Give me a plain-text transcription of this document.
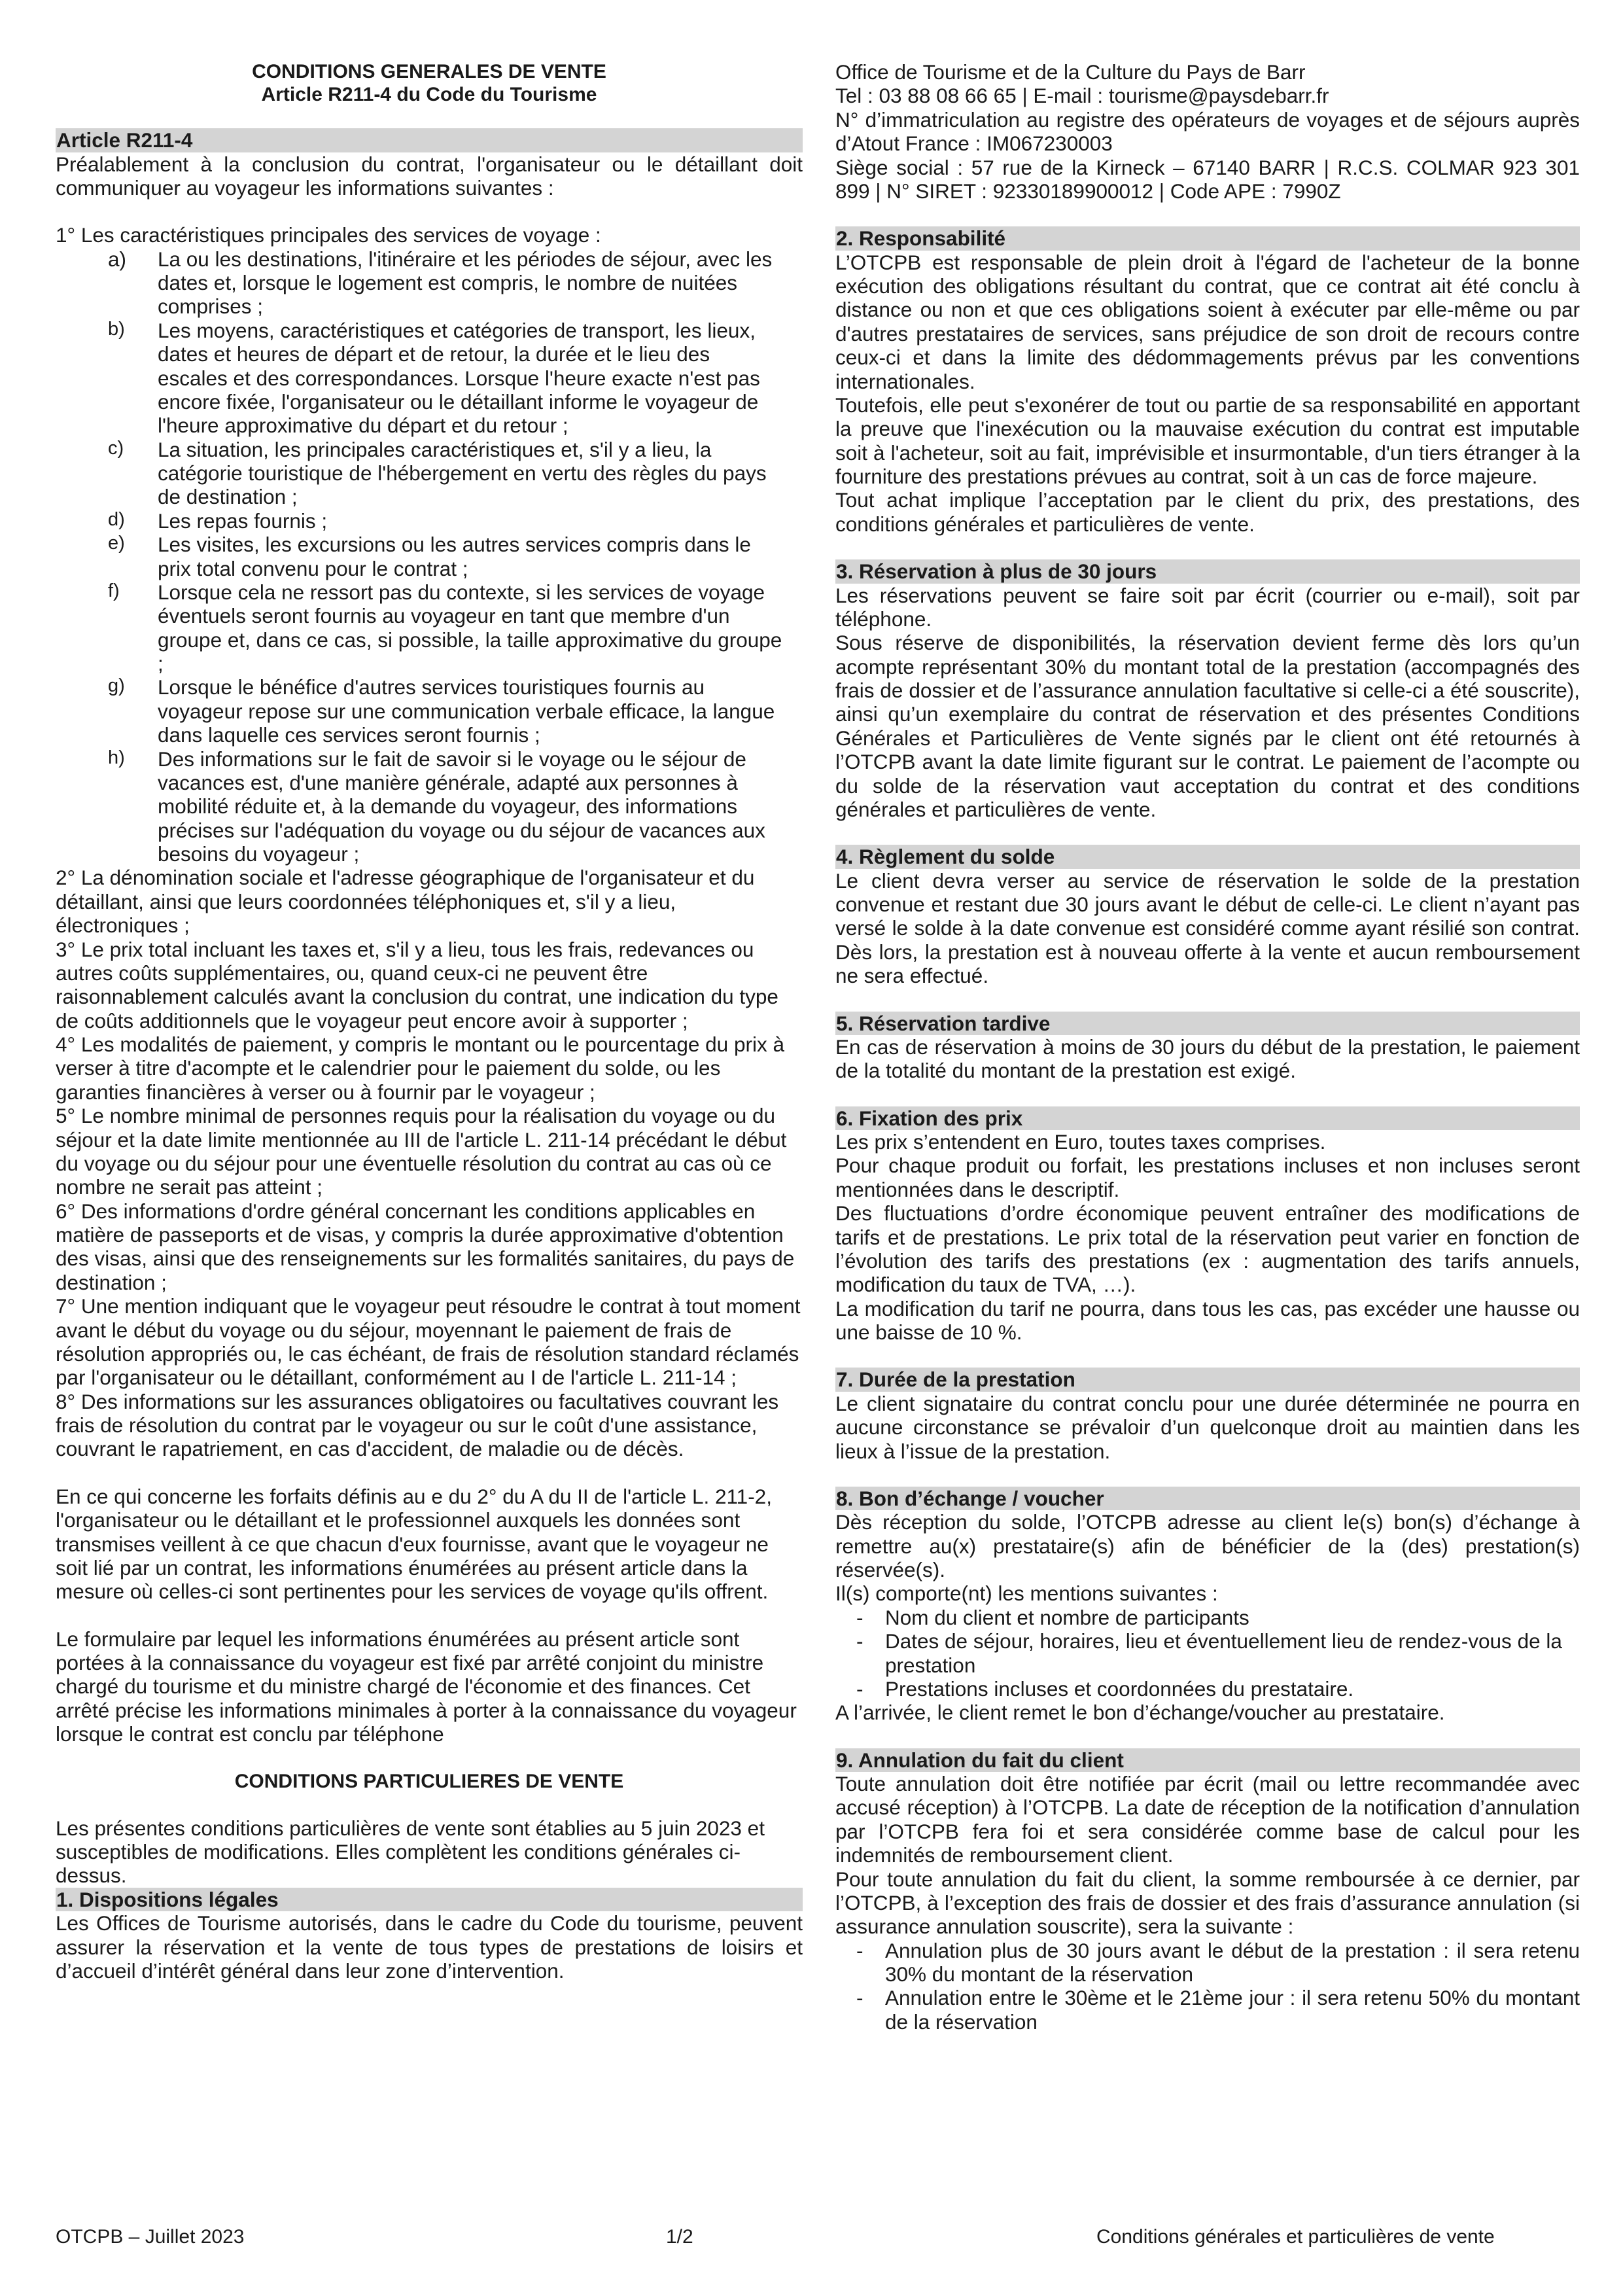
CONDITIONS GENERALES DE VENTE

Article R211-4 du Code du Tourisme

Article R211-4

Préalablement à la conclusion du contrat, l'organisateur ou le détaillant doit communiquer au voyageur les informations suivantes :

1° Les caractéristiques principales des services de voyage :

a) La ou les destinations, l'itinéraire et les périodes de séjour, avec les dates et, lorsque le logement est compris, le nombre de nuitées comprises ;
b) Les moyens, caractéristiques et catégories de transport, les lieux, dates et heures de départ et de retour, la durée et le lieu des escales et des correspondances. Lorsque l'heure exacte n'est pas encore fixée, l'organisateur ou le détaillant informe le voyageur de l'heure approximative du départ et du retour ;
c) La situation, les principales caractéristiques et, s'il y a lieu, la catégorie touristique de l'hébergement en vertu des règles du pays de destination ;
d) Les repas fournis ;
e) Les visites, les excursions ou les autres services compris dans le prix total convenu pour le contrat ;
f) Lorsque cela ne ressort pas du contexte, si les services de voyage éventuels seront fournis au voyageur en tant que membre d'un groupe et, dans ce cas, si possible, la taille approximative du groupe ;
g) Lorsque le bénéfice d'autres services touristiques fournis au voyageur repose sur une communication verbale efficace, la langue dans laquelle ces services seront fournis ;
h) Des informations sur le fait de savoir si le voyage ou le séjour de vacances est, d'une manière générale, adapté aux personnes à mobilité réduite et, à la demande du voyageur, des informations précises sur l'adéquation du voyage ou du séjour de vacances aux besoins du voyageur ;

2° La dénomination sociale et l'adresse géographique de l'organisateur et du détaillant, ainsi que leurs coordonnées téléphoniques et, s'il y a lieu, électroniques ;

3° Le prix total incluant les taxes et, s'il y a lieu, tous les frais, redevances ou autres coûts supplémentaires, ou, quand ceux-ci ne peuvent être raisonnablement calculés avant la conclusion du contrat, une indication du type de coûts additionnels que le voyageur peut encore avoir à supporter ;

4° Les modalités de paiement, y compris le montant ou le pourcentage du prix à verser à titre d'acompte et le calendrier pour le paiement du solde, ou les garanties financières à verser ou à fournir par le voyageur ;

5° Le nombre minimal de personnes requis pour la réalisation du voyage ou du séjour et la date limite mentionnée au III de l'article L. 211-14 précédant le début du voyage ou du séjour pour une éventuelle résolution du contrat au cas où ce nombre ne serait pas atteint ;

6° Des informations d'ordre général concernant les conditions applicables en matière de passeports et de visas, y compris la durée approximative d'obtention des visas, ainsi que des renseignements sur les formalités sanitaires, du pays de destination ;

7° Une mention indiquant que le voyageur peut résoudre le contrat à tout moment avant le début du voyage ou du séjour, moyennant le paiement de frais de résolution appropriés ou, le cas échéant, de frais de résolution standard réclamés par l'organisateur ou le détaillant, conformément au I de l'article L. 211-14 ;

8° Des informations sur les assurances obligatoires ou facultatives couvrant les frais de résolution du contrat par le voyageur ou sur le coût d'une assistance, couvrant le rapatriement, en cas d'accident, de maladie ou de décès.

En ce qui concerne les forfaits définis au e du 2° du A du II de l'article L. 211-2, l'organisateur ou le détaillant et le professionnel auxquels les données sont transmises veillent à ce que chacun d'eux fournisse, avant que le voyageur ne soit lié par un contrat, les informations énumérées au présent article dans la mesure où celles-ci sont pertinentes pour les services de voyage qu'ils offrent.

Le formulaire par lequel les informations énumérées au présent article sont portées à la connaissance du voyageur est fixé par arrêté conjoint du ministre chargé du tourisme et du ministre chargé de l'économie et des finances. Cet arrêté précise les informations minimales à porter à la connaissance du voyageur lorsque le contrat est conclu par téléphone

CONDITIONS PARTICULIERES DE VENTE

Les présentes conditions particulières de vente sont établies au 5 juin 2023 et susceptibles de modifications. Elles complètent les conditions générales ci-dessus.

1. Dispositions légales

Les Offices de Tourisme autorisés, dans le cadre du Code du tourisme, peuvent assurer la réservation et la vente de tous types de prestations de loisirs et d’accueil d’intérêt général dans leur zone d’intervention.

Office de Tourisme et de la Culture du Pays de Barr

Tel : 03 88 08 66 65 | E-mail : tourisme@paysdebarr.fr

N° d’immatriculation au registre des opérateurs de voyages et de séjours auprès d’Atout France : IM067230003

Siège social : 57 rue de la Kirneck – 67140 BARR | R.C.S. COLMAR 923 301 899 | N° SIRET : 92330189900012 | Code APE : 7990Z

2. Responsabilité

L’OTCPB est responsable de plein droit à l'égard de l'acheteur de la bonne exécution des obligations résultant du contrat, que ce contrat ait été conclu à distance ou non et que ces obligations soient à exécuter par elle-même ou par d'autres prestataires de services, sans préjudice de son droit de recours contre ceux-ci et dans la limite des dédommagements prévus par les conventions internationales.

Toutefois, elle peut s'exonérer de tout ou partie de sa responsabilité en apportant la preuve que l'inexécution ou la mauvaise exécution du contrat est imputable soit à l'acheteur, soit au fait, imprévisible et insurmontable, d'un tiers étranger à la fourniture des prestations prévues au contrat, soit à un cas de force majeure.

Tout achat implique l’acceptation par le client du prix, des prestations, des conditions générales et particulières de vente.

3. Réservation à plus de 30 jours

Les réservations peuvent se faire soit par écrit (courrier ou e-mail), soit par téléphone.

Sous réserve de disponibilités, la réservation devient ferme dès lors qu’un acompte représentant 30% du montant total de la prestation (accompagnés des frais de dossier et de l’assurance annulation facultative si celle-ci a été souscrite), ainsi qu’un exemplaire du contrat de réservation et des présentes Conditions Générales et Particulières de Vente signés par le client ont été retournés à l’OTCPB avant la date limite figurant sur le contrat. Le paiement de l’acompte ou du solde de la réservation vaut acceptation du contrat et des conditions générales et particulières de vente.

4. Règlement du solde

Le client devra verser au service de réservation le solde de la prestation convenue et restant due 30 jours avant le début de celle-ci. Le client n’ayant pas versé le solde à la date convenue est considéré comme ayant résilié son contrat. Dès lors, la prestation est à nouveau offerte à la vente et aucun remboursement ne sera effectué.

5. Réservation tardive

En cas de réservation à moins de 30 jours du début de la prestation, le paiement de la totalité du montant de la prestation est exigé.

6. Fixation des prix

Les prix s’entendent en Euro, toutes taxes comprises.

Pour chaque produit ou forfait, les prestations incluses et non incluses seront mentionnées dans le descriptif.

Des fluctuations d’ordre économique peuvent entraîner des modifications de tarifs et de prestations. Le prix total de la réservation peut varier en fonction de l’évolution des tarifs des prestations (ex : augmentation des tarifs annuels, modification du taux de TVA, …).

La modification du tarif ne pourra, dans tous les cas, pas excéder une hausse ou une baisse de 10 %.

7. Durée de la prestation

Le client signataire du contrat conclu pour une durée déterminée ne pourra en aucune circonstance se prévaloir d’un quelconque droit au maintien dans les lieux à l’issue de la prestation.

8. Bon d’échange / voucher

Dès réception du solde, l’OTCPB adresse au client le(s) bon(s) d’échange à remettre au(x) prestataire(s) afin de bénéficier de la (des) prestation(s) réservée(s).

Il(s) comporte(nt) les mentions suivantes :

- Nom du client et nombre de participants
- Dates de séjour, horaires, lieu et éventuellement lieu de rendez-vous de la prestation
- Prestations incluses et coordonnées du prestataire.

A l’arrivée, le client remet le bon d’échange/voucher au prestataire.

9. Annulation du fait du client

Toute annulation doit être notifiée par écrit (mail ou lettre recommandée avec accusé réception) à l’OTCPB. La date de réception de la notification d’annulation par l’OTCPB fera foi et sera considérée comme base de calcul pour les indemnités de remboursement client.

Pour toute annulation du fait du client, la somme remboursée à ce dernier, par l’OTCPB, à l’exception des frais de dossier et des frais d’assurance annulation (si assurance annulation souscrite), sera la suivante :

- Annulation plus de 30 jours avant le début de la prestation : il sera retenu 30% du montant de la réservation
- Annulation entre le 30ème et le 21ème jour : il sera retenu 50% du montant de la réservation
OTCPB – Juillet 2023	1/2	Conditions générales et particulières de vente
